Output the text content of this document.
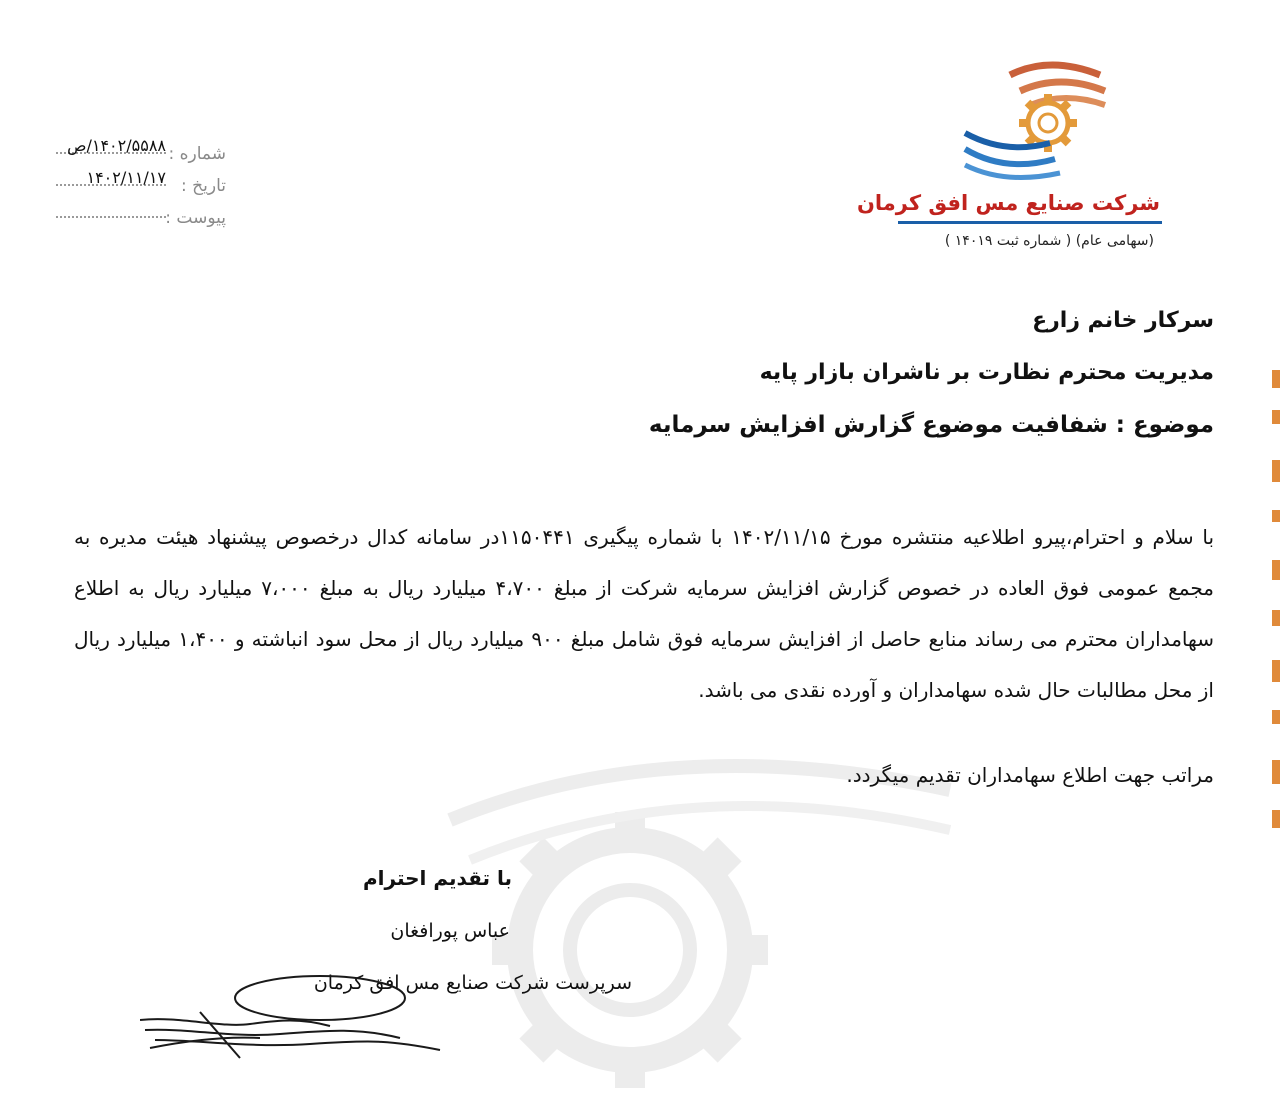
شرکت صنایع مس افق کرمان
(سهامی عام) ( شماره ثبت ۱۴۰۱۹ )
شماره :
۱۴۰۲/۵۵۸۸/ص
تاریخ :
۱۴۰۲/۱۱/۱۷
پیوست :
سرکار خانم زارع
مدیریت محترم نظارت بر ناشران بازار پایه
موضوع : شفافیت موضوع گزارش افزایش سرمایه
با سلام و احترام،پیرو اطلاعیه منتشره مورخ ۱۴۰۲/۱۱/۱۵ با شماره پیگیری ۱۱۵۰۴۴۱در سامانه کدال درخصوص پیشنهاد هیئت مدیره به مجمع عمومی فوق العاده در خصوص گزارش افزایش سرمایه شرکت از مبلغ ۴،۷۰۰ میلیارد ریال به مبلغ ۷،۰۰۰ میلیارد ریال به اطلاع سهامداران محترم می رساند منابع حاصل از افزایش سرمایه فوق شامل مبلغ ۹۰۰ میلیارد ریال از محل سود انباشته و ۱،۴۰۰ میلیارد ریال از محل مطالبات حال شده سهامداران و آورده نقدی می باشد.
مراتب جهت اطلاع سهامداران تقدیم میگردد.
با تقدیم احترام
عباس پورافغان
سرپرست شرکت صنایع مس افق کرمان
